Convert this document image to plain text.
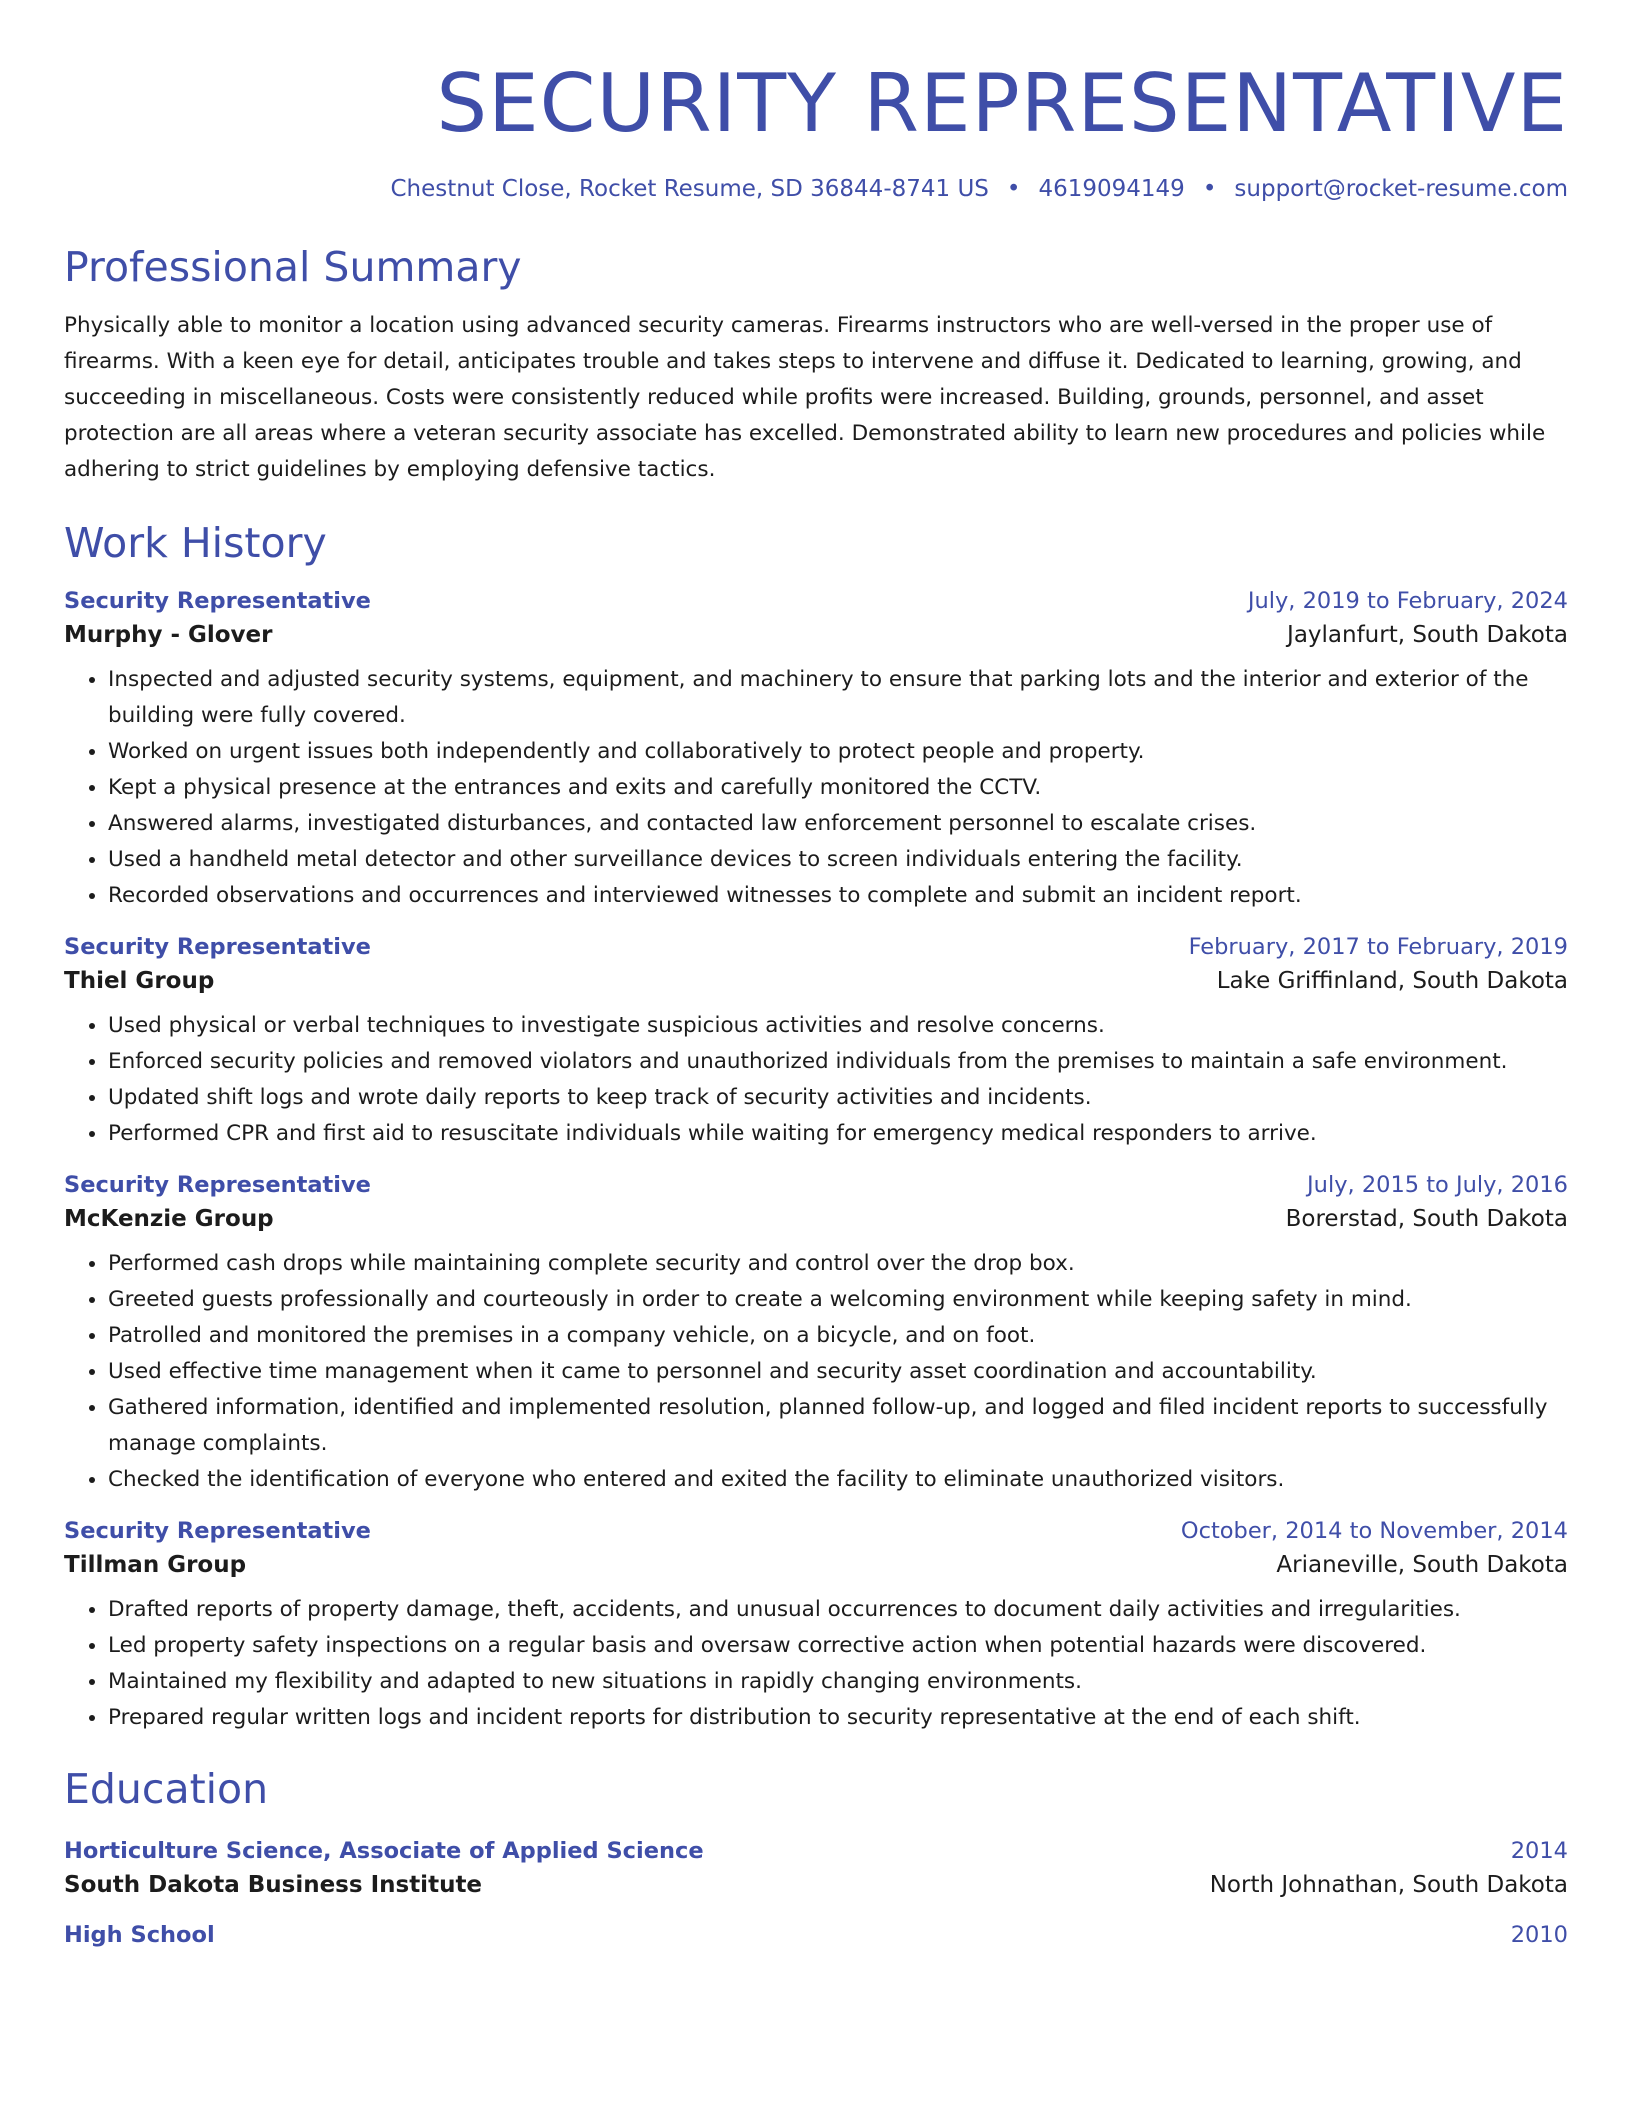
SECURITY REPRESENTATIVE
Chestnut Close, Rocket Resume, SD 36844-8741 US • 4619094149 • support@rocket-resume.com
Professional Summary
Physically able to monitor a location using advanced security cameras. Firearms instructors who are well-versed in the proper use of firearms. With a keen eye for detail, anticipates trouble and takes steps to intervene and diffuse it. Dedicated to learning, growing, and succeeding in miscellaneous. Costs were consistently reduced while profits were increased. Building, grounds, personnel, and asset protection are all areas where a veteran security associate has excelled. Demonstrated ability to learn new procedures and policies while adhering to strict guidelines by employing defensive tactics.
Work History
Security Representative	July, 2019 to February, 2024
Murphy - Glover	Jaylanfurt, South Dakota
• Inspected and adjusted security systems, equipment, and machinery to ensure that parking lots and the interior and exterior of the building were fully covered.
• Worked on urgent issues both independently and collaboratively to protect people and property.
• Kept a physical presence at the entrances and exits and carefully monitored the CCTV.
• Answered alarms, investigated disturbances, and contacted law enforcement personnel to escalate crises.
• Used a handheld metal detector and other surveillance devices to screen individuals entering the facility.
• Recorded observations and occurrences and interviewed witnesses to complete and submit an incident report.
Security Representative	February, 2017 to February, 2019
Thiel Group	Lake Griffinland, South Dakota
• Used physical or verbal techniques to investigate suspicious activities and resolve concerns.
• Enforced security policies and removed violators and unauthorized individuals from the premises to maintain a safe environment.
• Updated shift logs and wrote daily reports to keep track of security activities and incidents.
• Performed CPR and first aid to resuscitate individuals while waiting for emergency medical responders to arrive.
Security Representative	July, 2015 to July, 2016
McKenzie Group	Borerstad, South Dakota
• Performed cash drops while maintaining complete security and control over the drop box.
• Greeted guests professionally and courteously in order to create a welcoming environment while keeping safety in mind.
• Patrolled and monitored the premises in a company vehicle, on a bicycle, and on foot.
• Used effective time management when it came to personnel and security asset coordination and accountability.
• Gathered information, identified and implemented resolution, planned follow-up, and logged and filed incident reports to successfully manage complaints.
• Checked the identification of everyone who entered and exited the facility to eliminate unauthorized visitors.
Security Representative	October, 2014 to November, 2014
Tillman Group	Arianeville, South Dakota
• Drafted reports of property damage, theft, accidents, and unusual occurrences to document daily activities and irregularities.
• Led property safety inspections on a regular basis and oversaw corrective action when potential hazards were discovered.
• Maintained my flexibility and adapted to new situations in rapidly changing environments.
• Prepared regular written logs and incident reports for distribution to security representative at the end of each shift.
Education
Horticulture Science, Associate of Applied Science	2014
South Dakota Business Institute	North Johnathan, South Dakota
High School	2010
